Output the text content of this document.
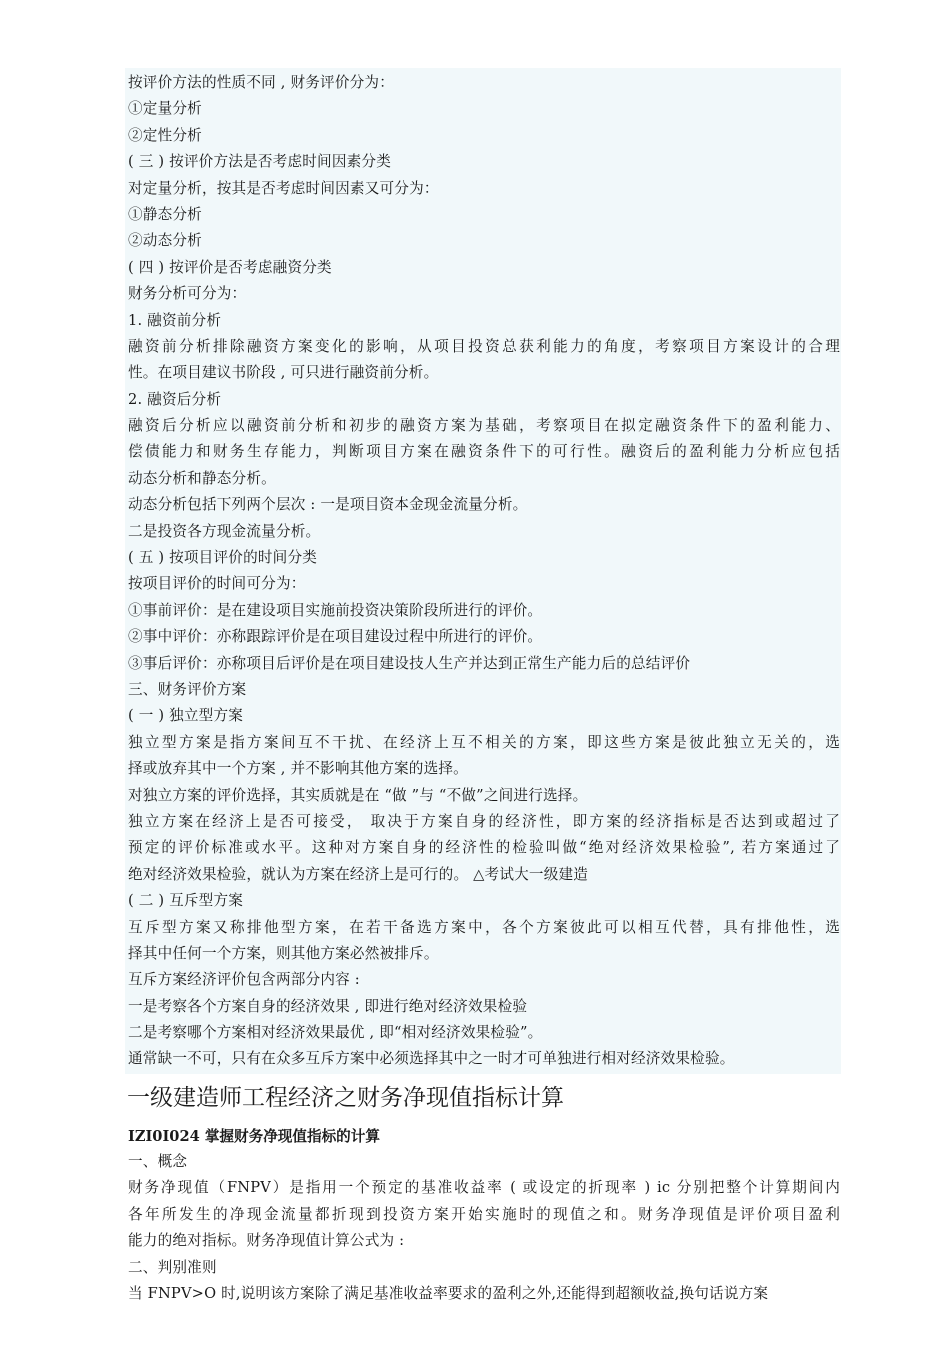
按评价方法的性质不同 , 财务评价分为：
①定量分析
②定性分析
( 三 ) 按评价方法是否考虑时间因素分类
对定量分析，按其是否考虑时间因素又可分为：
①静态分析
②动态分析
( 四 ) 按评价是否考虑融资分类
财务分析可分为：
1. 融资前分析
融资前分析排除融资方案变化的影响，从项目投资总获利能力的角度，考察项目方案设计的合理
性。在项目建议书阶段 , 可只进行融资前分析。
2. 融资后分析
融资后分析应以融资前分析和初步的融资方案为基础，考察项目在拟定融资条件下的盈利能力、
偿债能力和财务生存能力，判断项目方案在融资条件下的可行性。融资后的盈利能力分析应包括
动态分析和静态分析。
动态分析包括下列两个层次 : 一是项目资本金现金流量分析。
二是投资各方现金流量分析。
( 五 ) 按项目评价的时间分类
按项目评价的时间可分为：
①事前评价：是在建设项目实施前投资决策阶段所进行的评价。
②事中评价：亦称跟踪评价是在项目建设过程中所进行的评价。
③事后评价：亦称项目后评价是在项目建设技人生产并达到正常生产能力后的总结评价
三、财务评价方案
( 一 ) 独立型方案
独立型方案是指方案间互不干扰、在经济上互不相关的方案，即这些方案是彼此独立无关的，选
择或放弃其中一个方案 , 并不影响其他方案的选择。
对独立方案的评价选择，其实质就是在 “做 ”与 “不做”之间进行选择。
独立方案在经济上是否可接受， 取决于方案自身的经济性，即方案的经济指标是否达到或超过了
预定的评价标准或水平。这种对方案自身的经济性的检验叫做“绝对经济效果检验”, 若方案通过了
绝对经济效果检验，就认为方案在经济上是可行的。 △考试大一级建造
( 二 ) 互斥型方案
互斥型方案又称排他型方案，在若干备选方案中，各个方案彼此可以相互代替，具有排他性，选
择其中任何一个方案，则其他方案必然被排斥。
互斥方案经济评价包含两部分内容 :
一是考察各个方案自身的经济效果 , 即进行绝对经济效果检验
二是考察哪个方案相对经济效果最优 , 即“相对经济效果检验”。
通常缺一不可，只有在众多互斥方案中必须选择其中之一时才可单独进行相对经济效果检验。
一级建造师工程经济之财务净现值指标计算
IZI0I024 掌握财务净现值指标的计算
一、概念
财务净现值（FNPV）是指用一个预定的基准收益率 ( 或设定的折现率 ) ic 分别把整个计算期间内
各年所发生的净现金流量都折现到投资方案开始实施时的现值之和。财务净现值是评价项目盈利
能力的绝对指标。财务净现值计算公式为 :
二、判别准则
当 FNPV>O 时,说明该方案除了满足基准收益率要求的盈利之外,还能得到超额收益,换句话说方案
